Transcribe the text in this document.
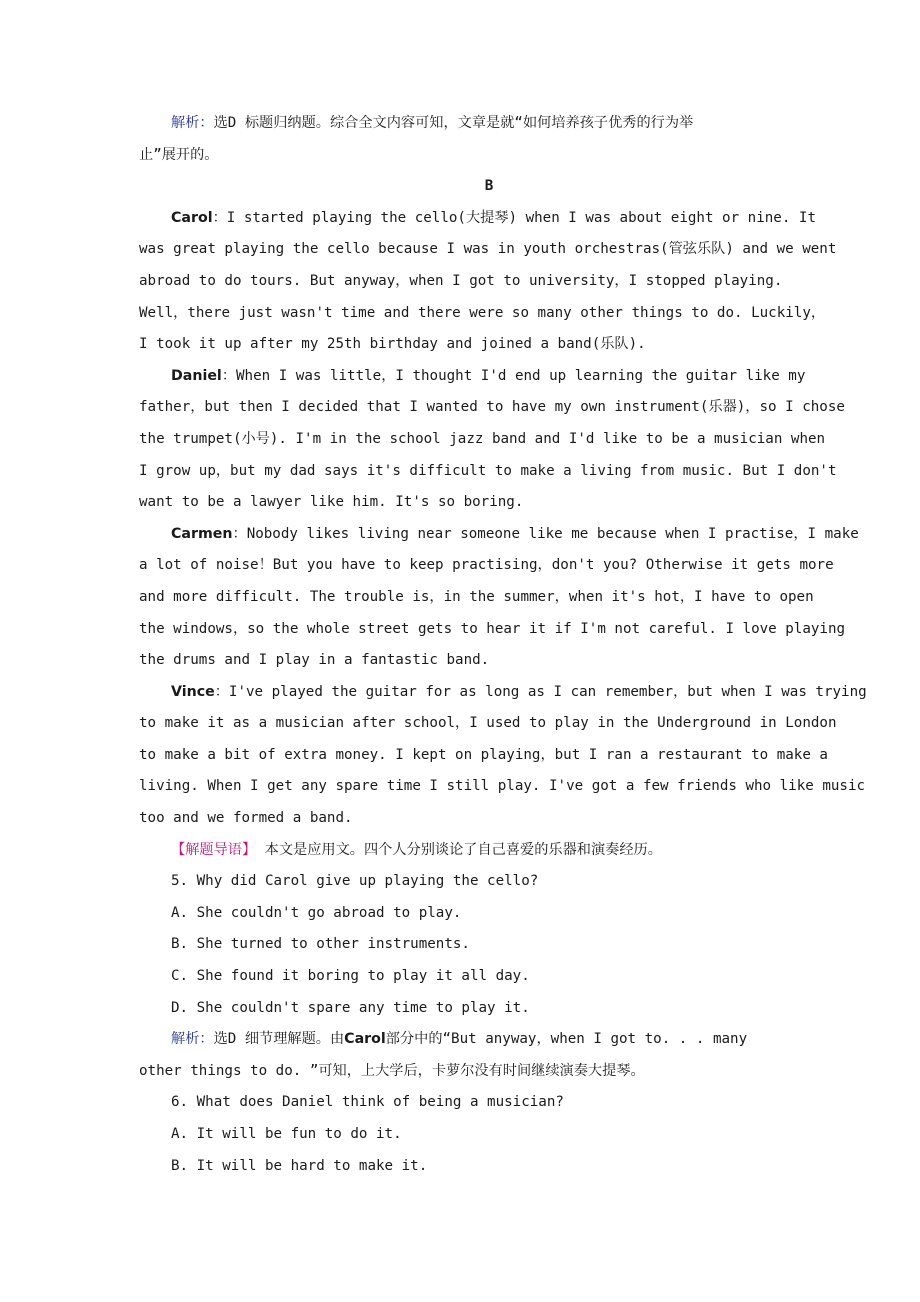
解析：选D 标题归纳题。综合全文内容可知，文章是就“如何培养孩子优秀的行为举
止”展开的。
B
Carol：I started playing the cello(大提琴) when I was about eight or nine. It
was great playing the cello because I was in youth orchestras(管弦乐队) and we went
abroad to do tours. But anyway，when I got to university，I stopped playing.
Well，there just wasn't time and there were so many other things to do. Luckily，
I took it up after my 25th birthday and joined a band(乐队).
Daniel：When I was little，I thought I'd end up learning the guitar like my
father，but then I decided that I wanted to have my own instrument(乐器)，so I chose
the trumpet(小号). I'm in the school jazz band and I'd like to be a musician when
I grow up，but my dad says it's difficult to make a living from music. But I don't
want to be a lawyer like him. It's so boring.
Carmen：Nobody likes living near someone like me because when I practise，I make
a lot of noise！But you have to keep practising，don't you? Otherwise it gets more
and more difficult. The trouble is，in the summer，when it's hot，I have to open
the windows，so the whole street gets to hear it if I'm not careful. I love playing
the drums and I play in a fantastic band.
Vince：I've played the guitar for as long as I can remember，but when I was trying
to make it as a musician after school，I used to play in the Underground in London
to make a bit of extra money. I kept on playing，but I ran a restaurant to make a
living. When I get any spare time I still play. I've got a few friends who like music
too and we formed a band.
【解题导语】 本文是应用文。四个人分别谈论了自己喜爱的乐器和演奏经历。
5. Why did Carol give up playing the cello?
A. She couldn't go abroad to play.
B. She turned to other instruments.
C. She found it boring to play it all day.
D. She couldn't spare any time to play it.
解析：选D 细节理解题。由Carol部分中的“But anyway，when I got to. . . many
other things to do. ”可知，上大学后，卡萝尔没有时间继续演奏大提琴。
6. What does Daniel think of being a musician?
A. It will be fun to do it.
B. It will be hard to make it.
